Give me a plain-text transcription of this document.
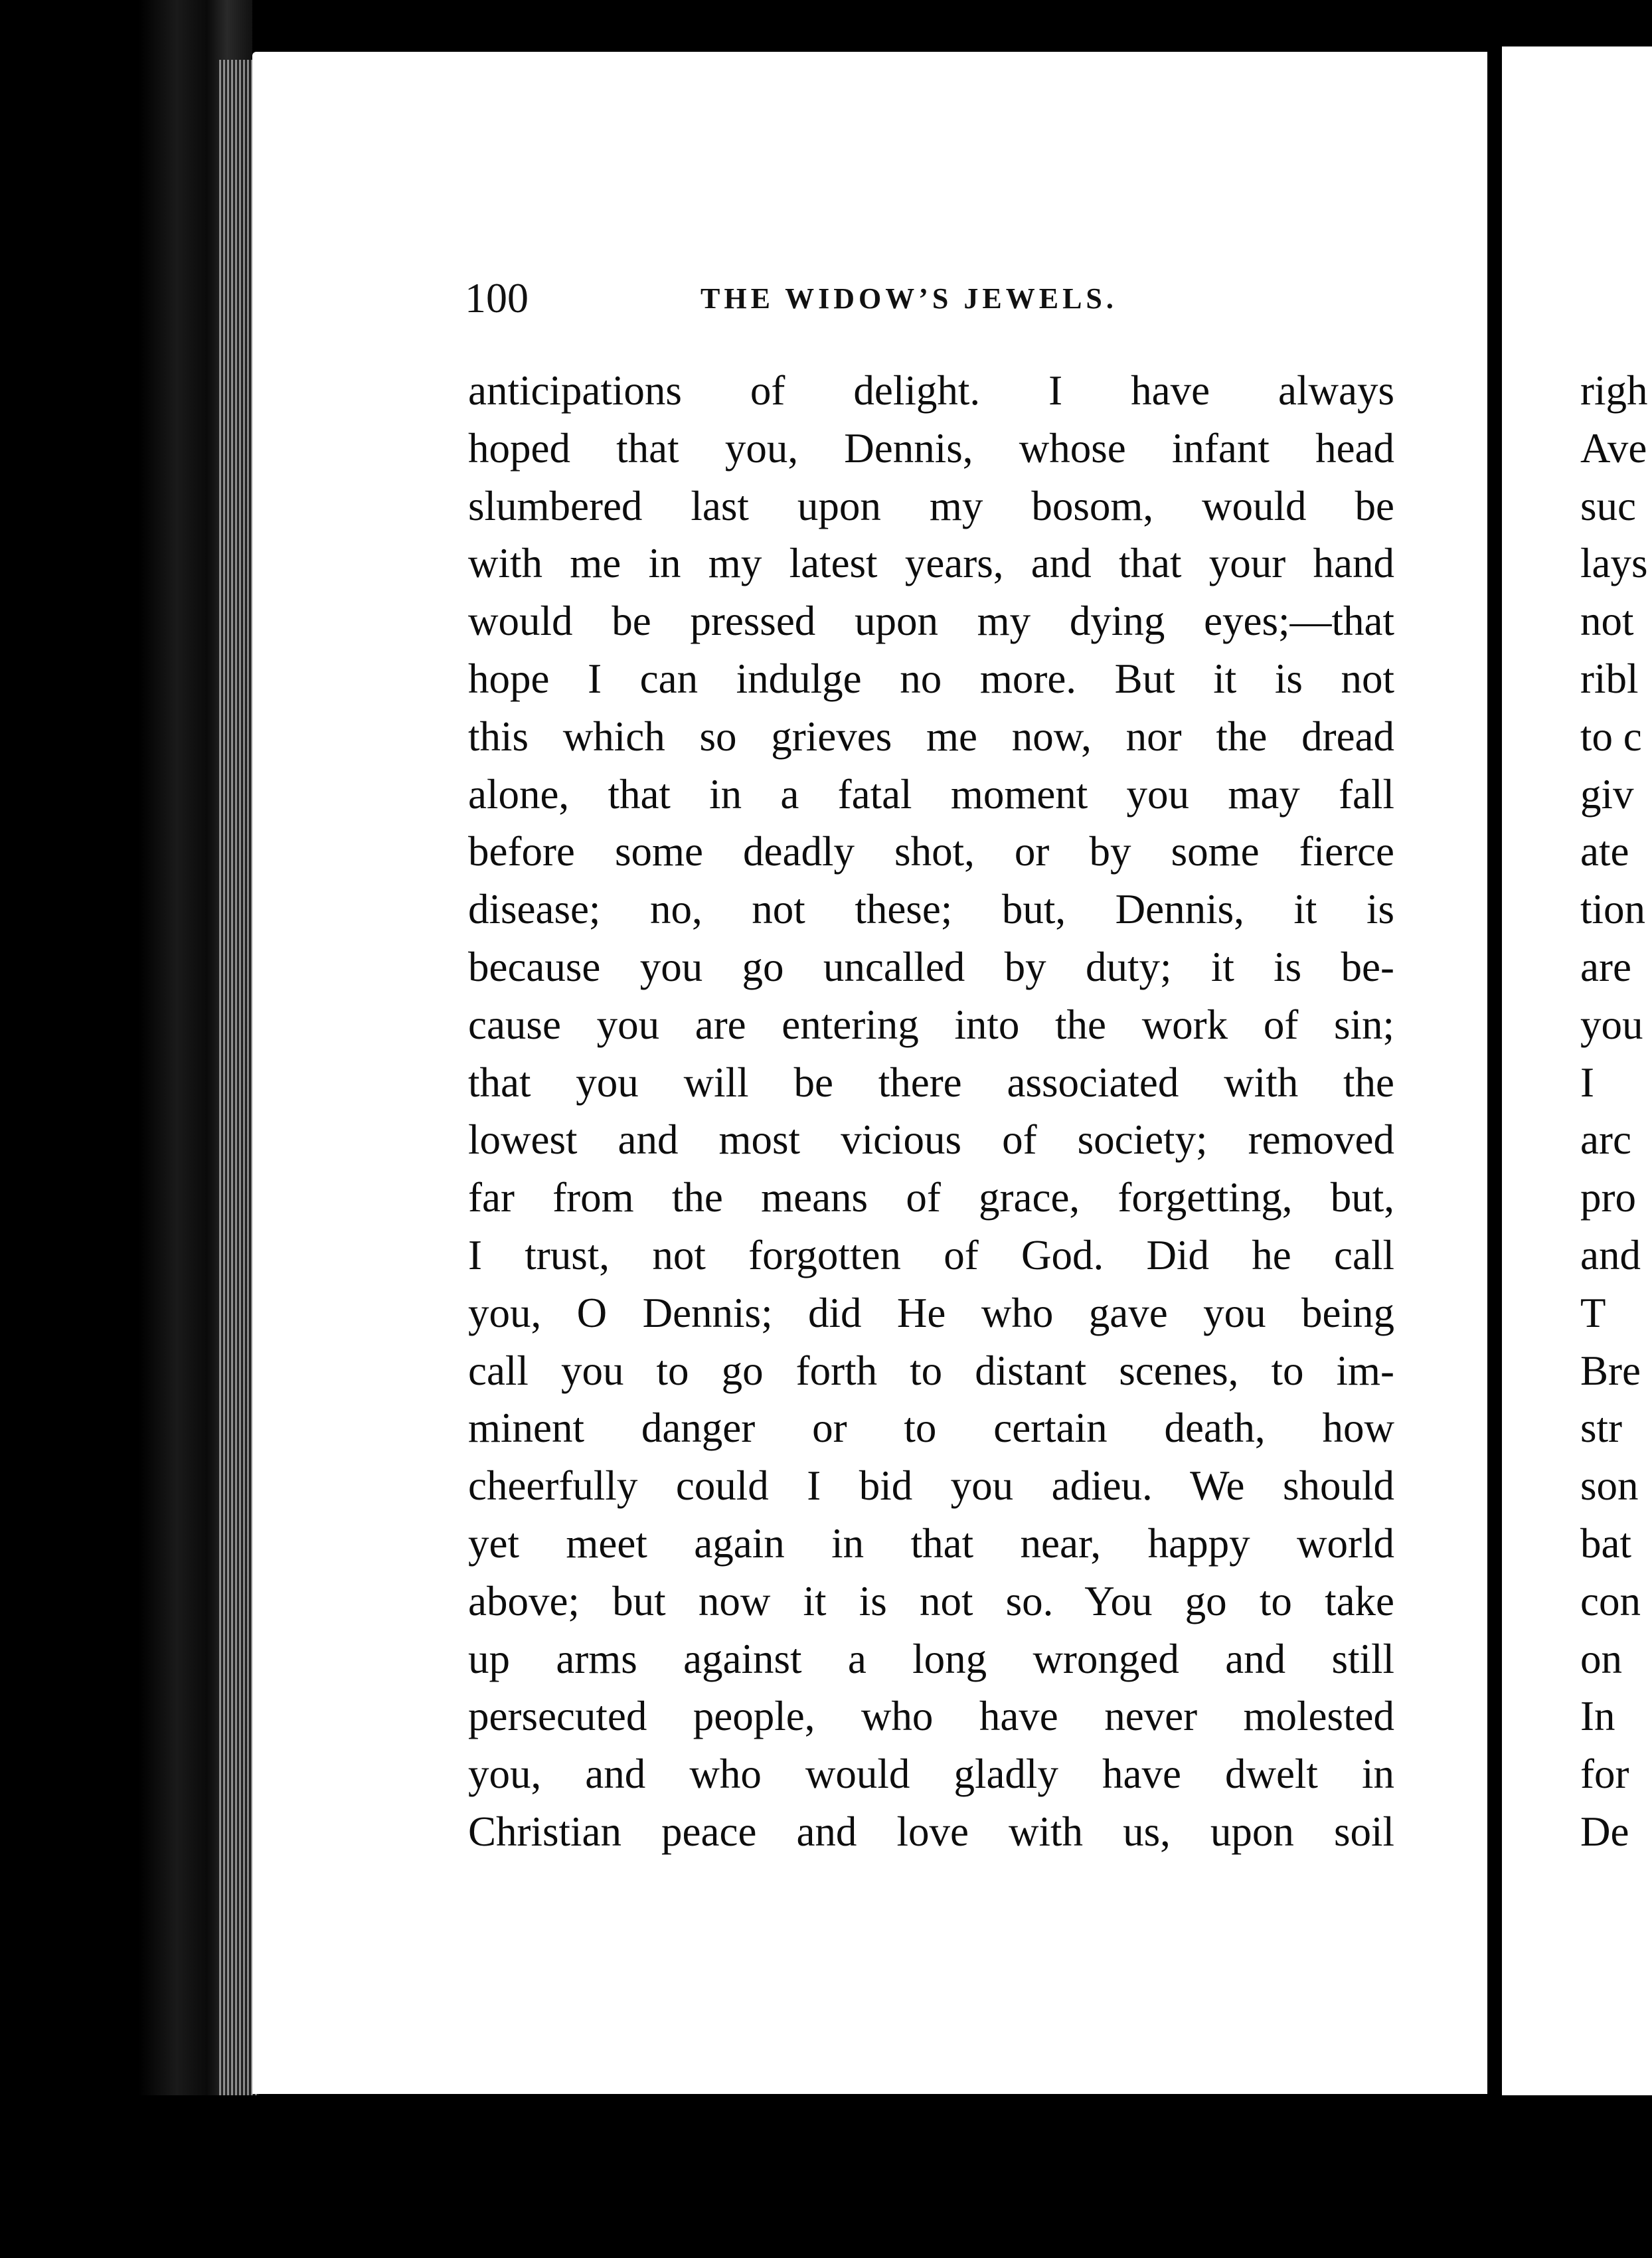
100	THE WIDOW’S JEWELS.
anticipations of delight. I have always
hoped that you, Dennis, whose infant head
slumbered last upon my bosom, would be
with me in my latest years, and that your hand
would be pressed upon my dying eyes;—that
hope I can indulge no more. But it is not
this which so grieves me now, nor the dread
alone, that in a fatal moment you may fall
before some deadly shot, or by some fierce
disease; no, not these; but, Dennis, it is
because you go uncalled by duty; it is be-
cause you are entering into the work of sin;
that you will be there associated with the
lowest and most vicious of society; removed
far from the means of grace, forgetting, but,
I trust, not forgotten of God. Did he call
you, O Dennis; did He who gave you being
call you to go forth to distant scenes, to im-
minent danger or to certain death, how
cheerfully could I bid you adieu. We should
yet meet again in that near, happy world
above; but now it is not so. You go to take
up arms against a long wronged and still
persecuted people, who have never molested
you, and who would gladly have dwelt in
Christian peace and love with us, upon soil
righ
Ave
suc
lays
not
ribl
to c
giv
ate
tion
are
you
I
arc
pro
and
T
Bre
str
son
bat
con
on
In
for
De
